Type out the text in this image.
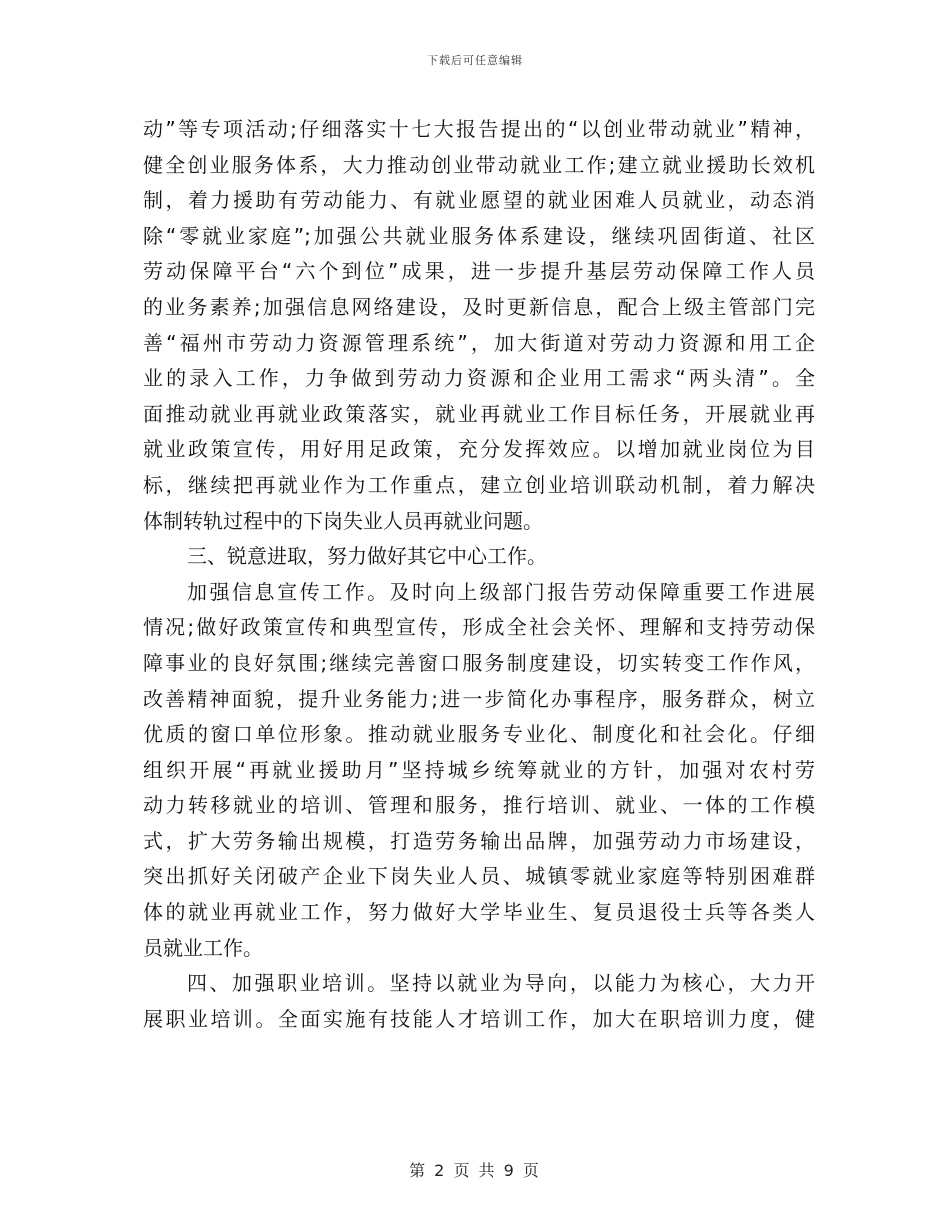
下载后可任意编辑
动”等专项活动;仔细落实十七大报告提出的“以创业带动就业”精神，
健全创业服务体系，大力推动创业带动就业工作;建立就业援助长效机
制，着力援助有劳动能力、有就业愿望的就业困难人员就业，动态消
除“零就业家庭”;加强公共就业服务体系建设，继续巩固街道、社区
劳动保障平台“六个到位”成果，进一步提升基层劳动保障工作人员
的业务素养;加强信息网络建设，及时更新信息，配合上级主管部门完
善“福州市劳动力资源管理系统”，加大街道对劳动力资源和用工企
业的录入工作，力争做到劳动力资源和企业用工需求“两头清”。全
面推动就业再就业政策落实，就业再就业工作目标任务，开展就业再
就业政策宣传，用好用足政策，充分发挥效应。以增加就业岗位为目
标，继续把再就业作为工作重点，建立创业培训联动机制，着力解决
体制转轨过程中的下岗失业人员再就业问题。
三、锐意进取，努力做好其它中心工作。
加强信息宣传工作。及时向上级部门报告劳动保障重要工作进展
情况;做好政策宣传和典型宣传，形成全社会关怀、理解和支持劳动保
障事业的良好氛围;继续完善窗口服务制度建设，切实转变工作作风，
改善精神面貌，提升业务能力;进一步简化办事程序，服务群众，树立
优质的窗口单位形象。推动就业服务专业化、制度化和社会化。仔细
组织开展“再就业援助月”坚持城乡统筹就业的方针，加强对农村劳
动力转移就业的培训、管理和服务，推行培训、就业、一体的工作模
式，扩大劳务输出规模，打造劳务输出品牌，加强劳动力市场建设，
突出抓好关闭破产企业下岗失业人员、城镇零就业家庭等特别困难群
体的就业再就业工作，努力做好大学毕业生、复员退役士兵等各类人
员就业工作。
四、加强职业培训。坚持以就业为导向，以能力为核心，大力开
展职业培训。全面实施有技能人才培训工作，加大在职培训力度，健
第 2 页 共 9 页
